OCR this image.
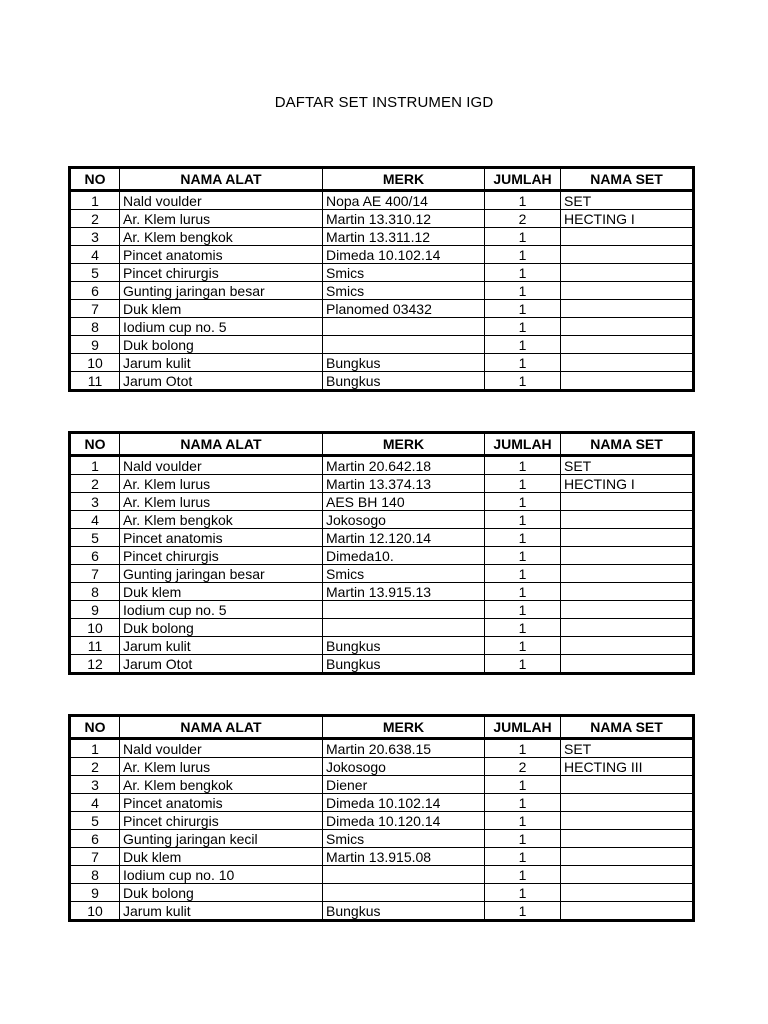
DAFTAR SET INSTRUMEN IGD
NO	NAMA ALAT	MERK	JUMLAH	NAMA SET
1	Nald voulder	Nopa AE 400/14	1	SET
2	Ar. Klem lurus	Martin 13.310.12	2	HECTING I
3	Ar. Klem bengkok	Martin 13.311.12	1	
4	Pincet anatomis	Dimeda 10.102.14	1	
5	Pincet chirurgis	Smics	1	
6	Gunting jaringan besar	Smics	1	
7	Duk klem	Planomed 03432	1	
8	Iodium cup no. 5		1	
9	Duk bolong		1	
10	Jarum kulit	Bungkus	1	
11	Jarum Otot	Bungkus	1	
NO	NAMA ALAT	MERK	JUMLAH	NAMA SET
1	Nald voulder	Martin 20.642.18	1	SET
2	Ar. Klem lurus	Martin 13.374.13	1	HECTING I
3	Ar. Klem lurus	AES BH 140	1	
4	Ar. Klem bengkok	Jokosogo	1	
5	Pincet anatomis	Martin 12.120.14	1	
6	Pincet chirurgis	Dimeda10.	1	
7	Gunting jaringan besar	Smics	1	
8	Duk klem	Martin 13.915.13	1	
9	Iodium cup no. 5		1	
10	Duk bolong		1	
11	Jarum kulit	Bungkus	1	
12	Jarum Otot	Bungkus	1	
NO	NAMA ALAT	MERK	JUMLAH	NAMA SET
1	Nald voulder	Martin 20.638.15	1	SET
2	Ar. Klem lurus	Jokosogo	2	HECTING III
3	Ar. Klem bengkok	Diener	1	
4	Pincet anatomis	Dimeda 10.102.14	1	
5	Pincet chirurgis	Dimeda 10.120.14	1	
6	Gunting jaringan kecil	Smics	1	
7	Duk klem	Martin 13.915.08	1	
8	Iodium cup no. 10		1	
9	Duk bolong		1	
10	Jarum kulit	Bungkus	1	
